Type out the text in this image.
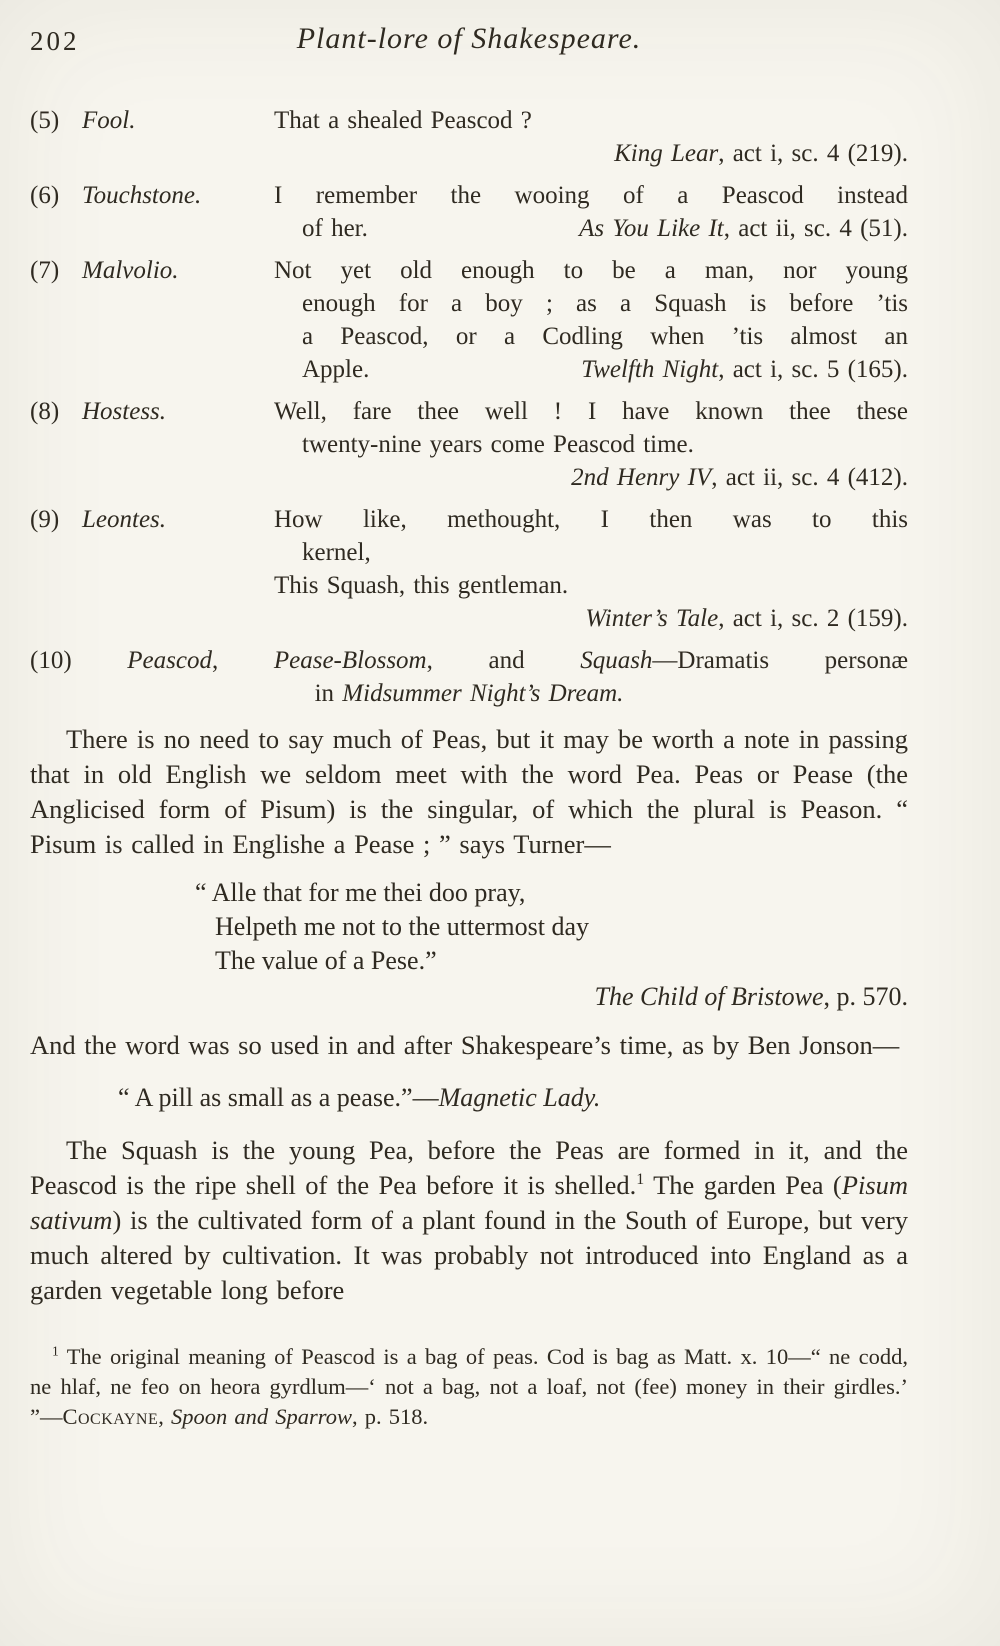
202	Plant-lore of Shakespeare.
(5) Fool.	That a shealed Peascod ?
King Lear, act i, sc. 4 (219).
(6) Touchstone.	I remember the wooing of a Peascod instead
of her.	As You Like It, act ii, sc. 4 (51).
(7) Malvolio.	Not yet old enough to be a man, nor young
enough for a boy ; as a Squash is before ’tis
a Peascod, or a Codling when ’tis almost an
Apple.	Twelfth Night, act i, sc. 5 (165).
(8) Hostess.	Well, fare thee well ! I have known thee these
twenty-nine years come Peascod time.
2nd Henry IV, act ii, sc. 4 (412).
(9) Leontes.	How like, methought, I then was to this
kernel,
This Squash, this gentleman.
Winter’s Tale, act i, sc. 2 (159).
(10) Peascod, Pease-Blossom, and Squash—Dramatis personæ
in Midsummer Night’s Dream.

There is no need to say much of Peas, but it may be worth a note in passing that in old English we seldom meet with the word Pea. Peas or Pease (the Anglicised form of Pisum) is the singular, of which the plural is Peason. “ Pisum is called in Englishe a Pease ; ” says Turner—

“ Alle that for me thei doo pray,
Helpeth me not to the uttermost day
The value of a Pese.”
The Child of Bristowe, p. 570.

And the word was so used in and after Shakespeare’s time, as by Ben Jonson—

“ A pill as small as a pease.”—Magnetic Lady.

The Squash is the young Pea, before the Peas are formed in it, and the Peascod is the ripe shell of the Pea before it is shelled.$^1$ The garden Pea (Pisum sativum) is the cultivated form of a plant found in the South of Europe, but very much altered by cultivation. It was probably not introduced into England as a garden vegetable long before

$^1$ The original meaning of Peascod is a bag of peas. Cod is bag as Matt. x. 10—“ ne codd, ne hlaf, ne feo on heora gyrdlum—‘ not a bag, not a loaf, not (fee) money in their girdles.’ ”—Cockayne, Spoon and Sparrow, p. 518.
